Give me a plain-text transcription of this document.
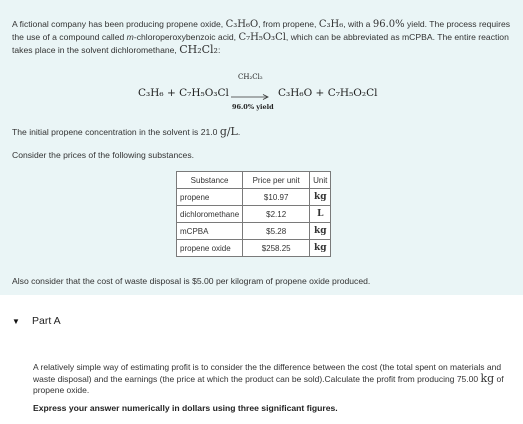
A fictional company has been producing propene oxide, C₃H₆O, from propene, C₃H₆, with a 96.0% yield. The process requires the use of a compound called m-chloroperoxybenzoic acid, C₇H₅O₃Cl, which can be abbreviated as mCPBA. The entire reaction takes place in the solvent dichloromethane, CH₂Cl₂:
C₃H₆ + C₇H₅O₃Cl
CH₂Cl₂
96.0% yield
C₃H₆O + C₇H₅O₂Cl
The initial propene concentration in the solvent is 21.0 g/L.
Consider the prices of the following substances.
Substance	Price per unit	Unit
propene	$10.97	kg
dichloromethane	$2.12	L
mCPBA	$5.28	kg
propene oxide	$258.25	kg
Also consider that the cost of waste disposal is $5.00 per kilogram of propene oxide produced.
▼ Part A
A relatively simple way of estimating profit is to consider the the difference between the cost (the total spent on materials and waste disposal) and the earnings (the price at which the product can be sold).Calculate the profit from producing 75.00 kg of propene oxide.
Express your answer numerically in dollars using three significant figures.
